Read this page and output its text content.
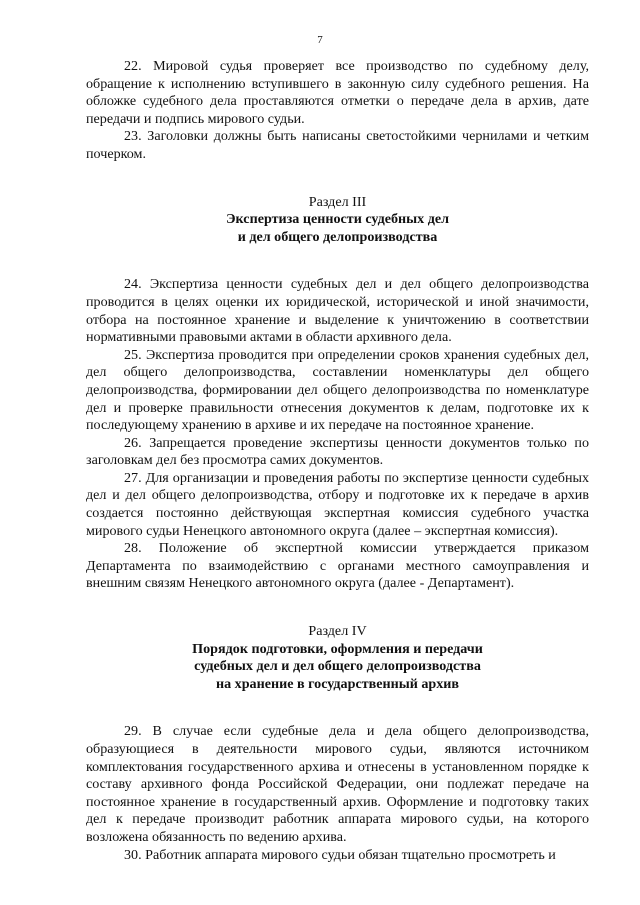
7

22. Мировой судья проверяет все производство по судебному делу, обращение к исполнению вступившего в законную силу судебного решения. На обложке судебного дела проставляются отметки о передаче дела в архив, дате передачи и подпись мирового судьи.

23. Заголовки должны быть написаны светостойкими чернилами и четким почерком.

Раздел III
Экспертиза ценности судебных дел
и дел общего делопроизводства

24. Экспертиза ценности судебных дел и дел общего делопроизводства проводится в целях оценки их юридической, исторической и иной значимости, отбора на постоянное хранение и выделение к уничтожению в соответствии нормативными правовыми актами в области архивного дела.

25. Экспертиза проводится при определении сроков хранения судебных дел, дел общего делопроизводства, составлении номенклатуры дел общего делопроизводства, формировании дел общего делопроизводства по номенклатуре дел и проверке правильности отнесения документов к делам, подготовке их к последующему хранению в архиве и их передаче на постоянное хранение.

26. Запрещается проведение экспертизы ценности документов только по заголовкам дел без просмотра самих документов.

27. Для организации и проведения работы по экспертизе ценности судебных дел и дел общего делопроизводства, отбору и подготовке их к передаче в архив создается постоянно действующая экспертная комиссия судебного участка мирового судьи Ненецкого автономного округа (далее – экспертная комиссия).

28. Положение об экспертной комиссии утверждается приказом Департамента по взаимодействию с органами местного самоуправления и внешним связям Ненецкого автономного округа (далее - Департамент).

Раздел IV
Порядок подготовки, оформления и передачи
судебных дел и дел общего делопроизводства
на хранение в государственный архив

29. В случае если судебные дела и дела общего делопроизводства, образующиеся в деятельности мирового судьи, являются источником комплектования государственного архива и отнесены в установленном порядке к составу архивного фонда Российской Федерации, они подлежат передаче на постоянное хранение в государственный архив. Оформление и подготовку таких дел к передаче производит работник аппарата мирового судьи, на которого возложена обязанность по ведению архива.

30. Работник аппарата мирового судьи обязан тщательно просмотреть и
